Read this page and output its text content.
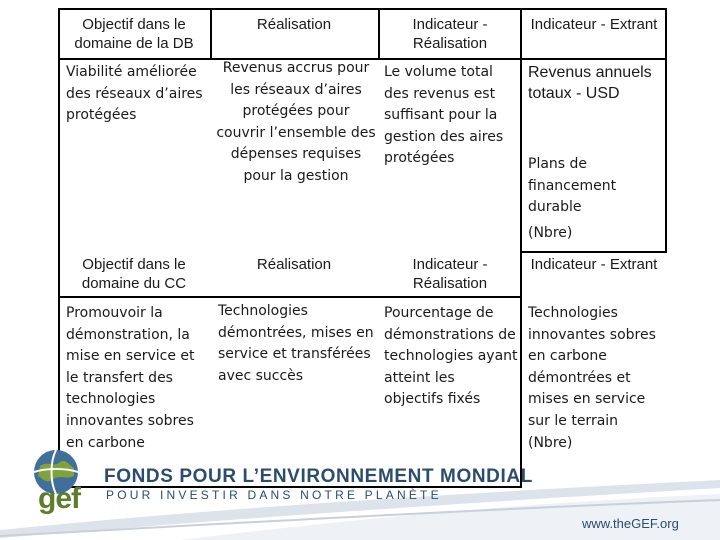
Objectif dans le domaine de la DB
Réalisation	Indicateur - Réalisation
Indicateur - Extrant
Viabilité améliorée des réseaux d’aires protégées
Revenus accrus pour les réseaux d’aires protégées pour couvrir l’ensemble des dépenses requises pour la gestion
Le volume total des revenus est suffisant pour la gestion des aires protégées
Revenus annuels totaux - USD
Plans de financement durable
(Nbre)
Objectif dans le domaine du CC
Réalisation	Indicateur - Réalisation
Indicateur - Extrant
Promouvoir la démonstration, la mise en service et le transfert des technologies innovantes sobres en carbone
Technologies démontrées, mises en service et transférées avec succès
Pourcentage de démonstrations de technologies ayant atteint les objectifs fixés
Technologies innovantes sobres en carbone démontrées et mises en service sur le terrain (Nbre)
gef
FONDS POUR L’ENVIRONNEMENT MONDIAL
POUR INVESTIR DANS NOTRE PLANÈTE
www.theGEF.org
